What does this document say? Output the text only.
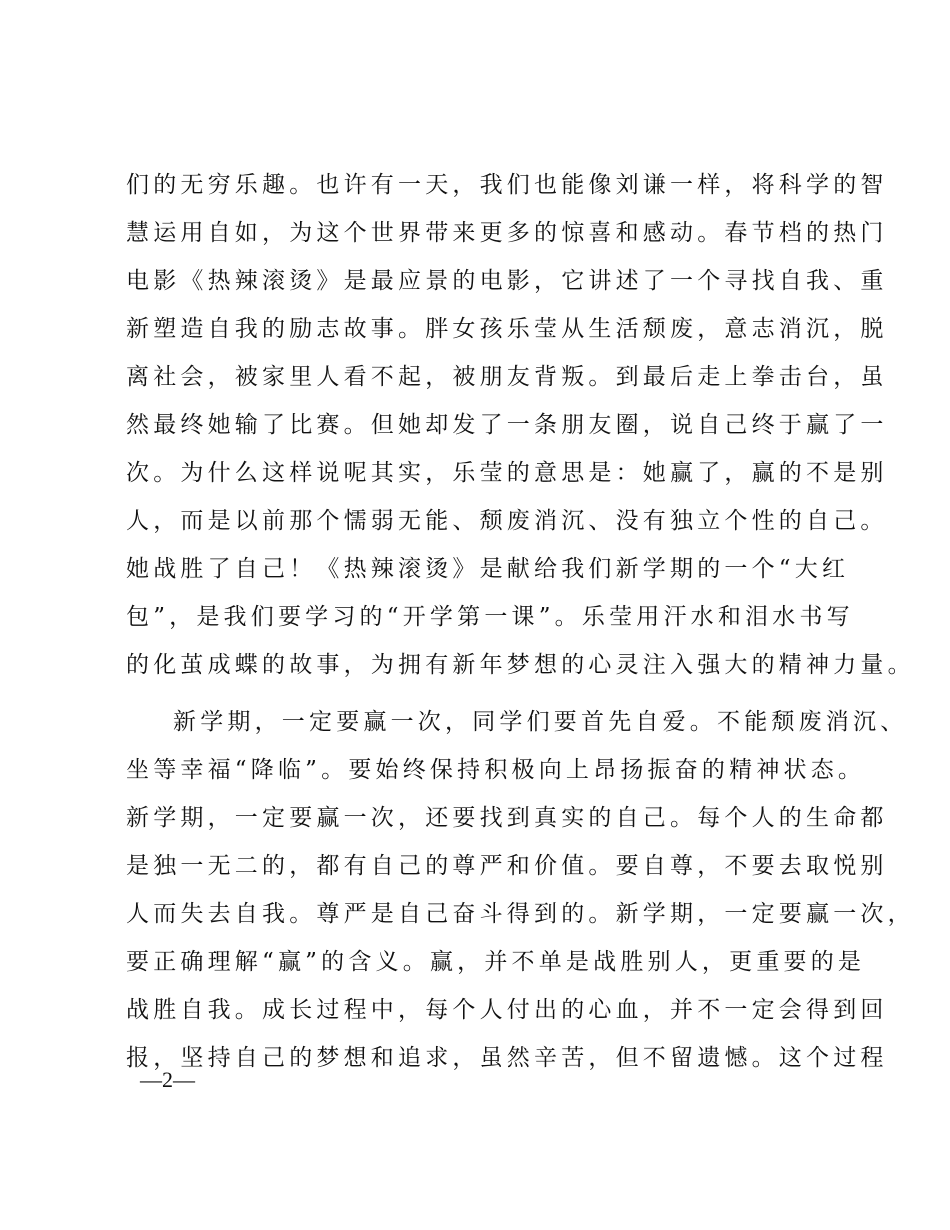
们的无穷乐趣。也许有一天，我们也能像刘谦一样，将科学的智
慧运用自如，为这个世界带来更多的惊喜和感动。春节档的热门
电影《热辣滚烫》是最应景的电影，它讲述了一个寻找自我、重
新塑造自我的励志故事。胖女孩乐莹从生活颓废，意志消沉，脱
离社会，被家里人看不起，被朋友背叛。到最后走上拳击台，虽
然最终她输了比赛。但她却发了一条朋友圈，说自己终于赢了一
次。为什么这样说呢其实，乐莹的意思是：她赢了，赢的不是别
人，而是以前那个懦弱无能、颓废消沉、没有独立个性的自己。
她战胜了自己！《热辣滚烫》是献给我们新学期的一个“大红
包”，是我们要学习的“开学第一课”。乐莹用汗水和泪水书写
的化茧成蝶的故事，为拥有新年梦想的心灵注入强大的精神力量。
新学期，一定要赢一次，同学们要首先自爱。不能颓废消沉、
坐等幸福“降临”。要始终保持积极向上昂扬振奋的精神状态。
新学期，一定要赢一次，还要找到真实的自己。每个人的生命都
是独一无二的，都有自己的尊严和价值。要自尊，不要去取悦别
人而失去自我。尊严是自己奋斗得到的。新学期，一定要赢一次，
要正确理解“赢”的含义。赢，并不单是战胜别人，更重要的是
战胜自我。成长过程中，每个人付出的心血，并不一定会得到回
报，坚持自己的梦想和追求，虽然辛苦，但不留遗憾。这个过程
—2—
